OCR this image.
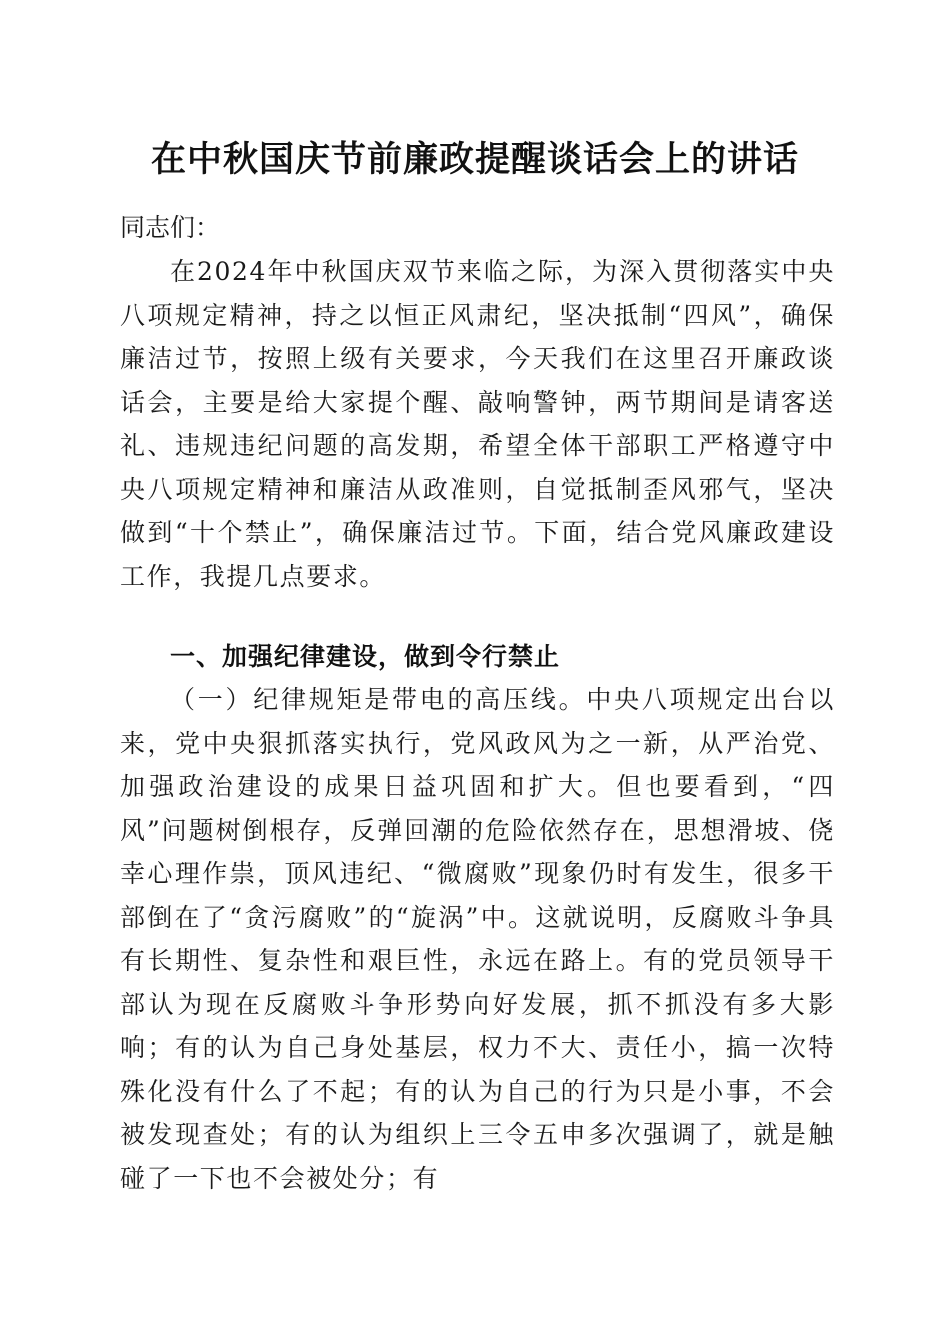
在中秋国庆节前廉政提醒谈话会上的讲话
同志们：

在2024年中秋国庆双节来临之际，为深入贯彻落实中央八项规定精神，持之以恒正风肃纪，坚决抵制“四风”，确保廉洁过节，按照上级有关要求，今天我们在这里召开廉政谈话会，主要是给大家提个醒、敲响警钟，两节期间是请客送礼、违规违纪问题的高发期，希望全体干部职工严格遵守中央八项规定精神和廉洁从政准则，自觉抵制歪风邪气，坚决做到“十个禁止”，确保廉洁过节。下面，结合党风廉政建设工作，我提几点要求。

一、加强纪律建设，做到令行禁止

（一）纪律规矩是带电的高压线。中央八项规定出台以来，党中央狠抓落实执行，党风政风为之一新，从严治党、加强政治建设的成果日益巩固和扩大。但也要看到，“四风”问题树倒根存，反弹回潮的危险依然存在，思想滑坡、侥幸心理作祟，顶风违纪、“微腐败”现象仍时有发生，很多干部倒在了“贪污腐败”的“旋涡”中。这就说明，反腐败斗争具有长期性、复杂性和艰巨性，永远在路上。有的党员领导干部认为现在反腐败斗争形势向好发展，抓不抓没有多大影响；有的认为自己身处基层，权力不大、责任小，搞一次特殊化没有什么了不起；有的认为自己的行为只是小事，不会被发现查处；有的认为组织上三令五申多次强调了，就是触碰了一下也不会被处分；有
